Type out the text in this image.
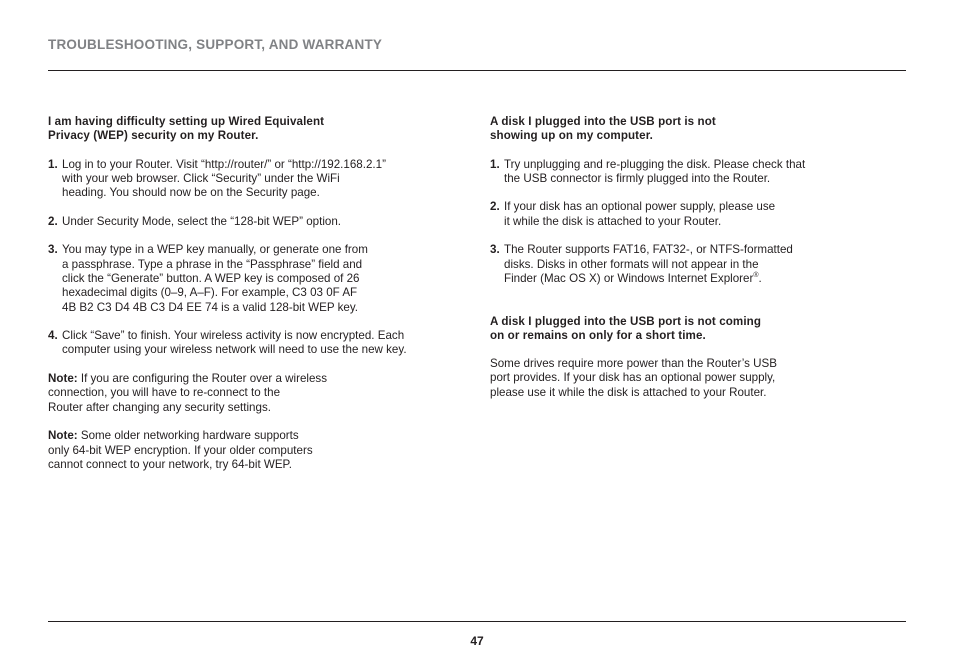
TROUBLESHOOTING, SUPPORT, AND WARRANTY
I am having difficulty setting up Wired Equivalent
Privacy (WEP) security on my Router.
1. Log in to your Router. Visit “http://router/” or “http://192.168.2.1”
with your web browser. Click “Security” under the WiFi
heading. You should now be on the Security page.
2. Under Security Mode, select the “128-bit WEP” option.
3. You may type in a WEP key manually, or generate one from
a passphrase. Type a phrase in the “Passphrase” field and
click the “Generate” button. A WEP key is composed of 26
hexadecimal digits (0–9, A–F). For example, C3 03 0F AF
4B B2 C3 D4 4B C3 D4 EE 74 is a valid 128-bit WEP key.
4. Click “Save” to finish. Your wireless activity is now encrypted. Each
computer using your wireless network will need to use the new key.
Note: If you are configuring the Router over a wireless
connection, you will have to re-connect to the
Router after changing any security settings.
Note: Some older networking hardware supports
only 64-bit WEP encryption. If your older computers
cannot connect to your network, try 64-bit WEP.
A disk I plugged into the USB port is not
showing up on my computer.
1. Try unplugging and re-plugging the disk. Please check that
the USB connector is firmly plugged into the Router.
2. If your disk has an optional power supply, please use
it while the disk is attached to your Router.
3. The Router supports FAT16, FAT32-, or NTFS-formatted
disks. Disks in other formats will not appear in the
Finder (Mac OS X) or Windows Internet Explorer®.
A disk I plugged into the USB port is not coming
on or remains on only for a short time.
Some drives require more power than the Router’s USB
port provides. If your disk has an optional power supply,
please use it while the disk is attached to your Router.
47
